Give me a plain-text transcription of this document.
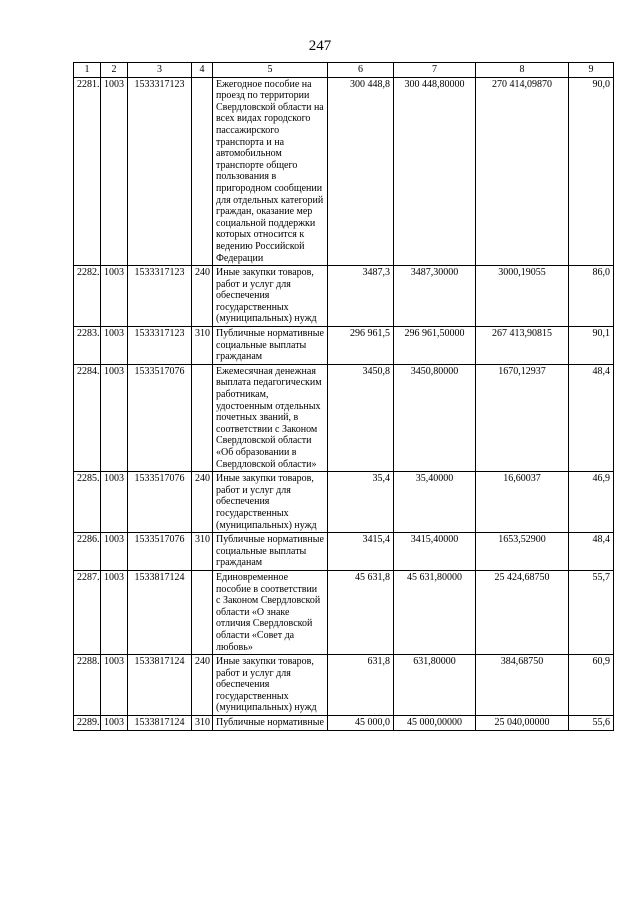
247
1	2	3	4	5	6	7	8	9
2281.	1003	1533317123		Ежегодное пособие на проезд по территории Свердловской области на всех видах городского пассажирского транспорта и на автомобильном транспорте общего пользования в пригородном сообщении для отдельных категорий граждан, оказание мер социальной поддержки которых относится к ведению Российской Федерации	300 448,8	300 448,80000	270 414,09870	90,0
2282.	1003	1533317123	240	Иные закупки товаров, работ и услуг для обеспечения государственных (муниципальных) нужд	3487,3	3487,30000	3000,19055	86,0
2283.	1003	1533317123	310	Публичные нормативные социальные выплаты гражданам	296 961,5	296 961,50000	267 413,90815	90,1
2284.	1003	1533517076		Ежемесячная денежная выплата педагогическим работникам, удостоенным отдельных почетных званий, в соответствии с Законом Свердловской области «Об образовании в Свердловской области»	3450,8	3450,80000	1670,12937	48,4
2285.	1003	1533517076	240	Иные закупки товаров, работ и услуг для обеспечения государственных (муниципальных) нужд	35,4	35,40000	16,60037	46,9
2286.	1003	1533517076	310	Публичные нормативные социальные выплаты гражданам	3415,4	3415,40000	1653,52900	48,4
2287.	1003	1533817124		Единовременное пособие в соответствии с Законом Свердловской области «О знаке отличия Свердловской области «Совет да любовь»	45 631,8	45 631,80000	25 424,68750	55,7
2288.	1003	1533817124	240	Иные закупки товаров, работ и услуг для обеспечения государственных (муниципальных) нужд	631,8	631,80000	384,68750	60,9
2289.	1003	1533817124	310	Публичные нормативные	45 000,0	45 000,00000	25 040,00000	55,6
